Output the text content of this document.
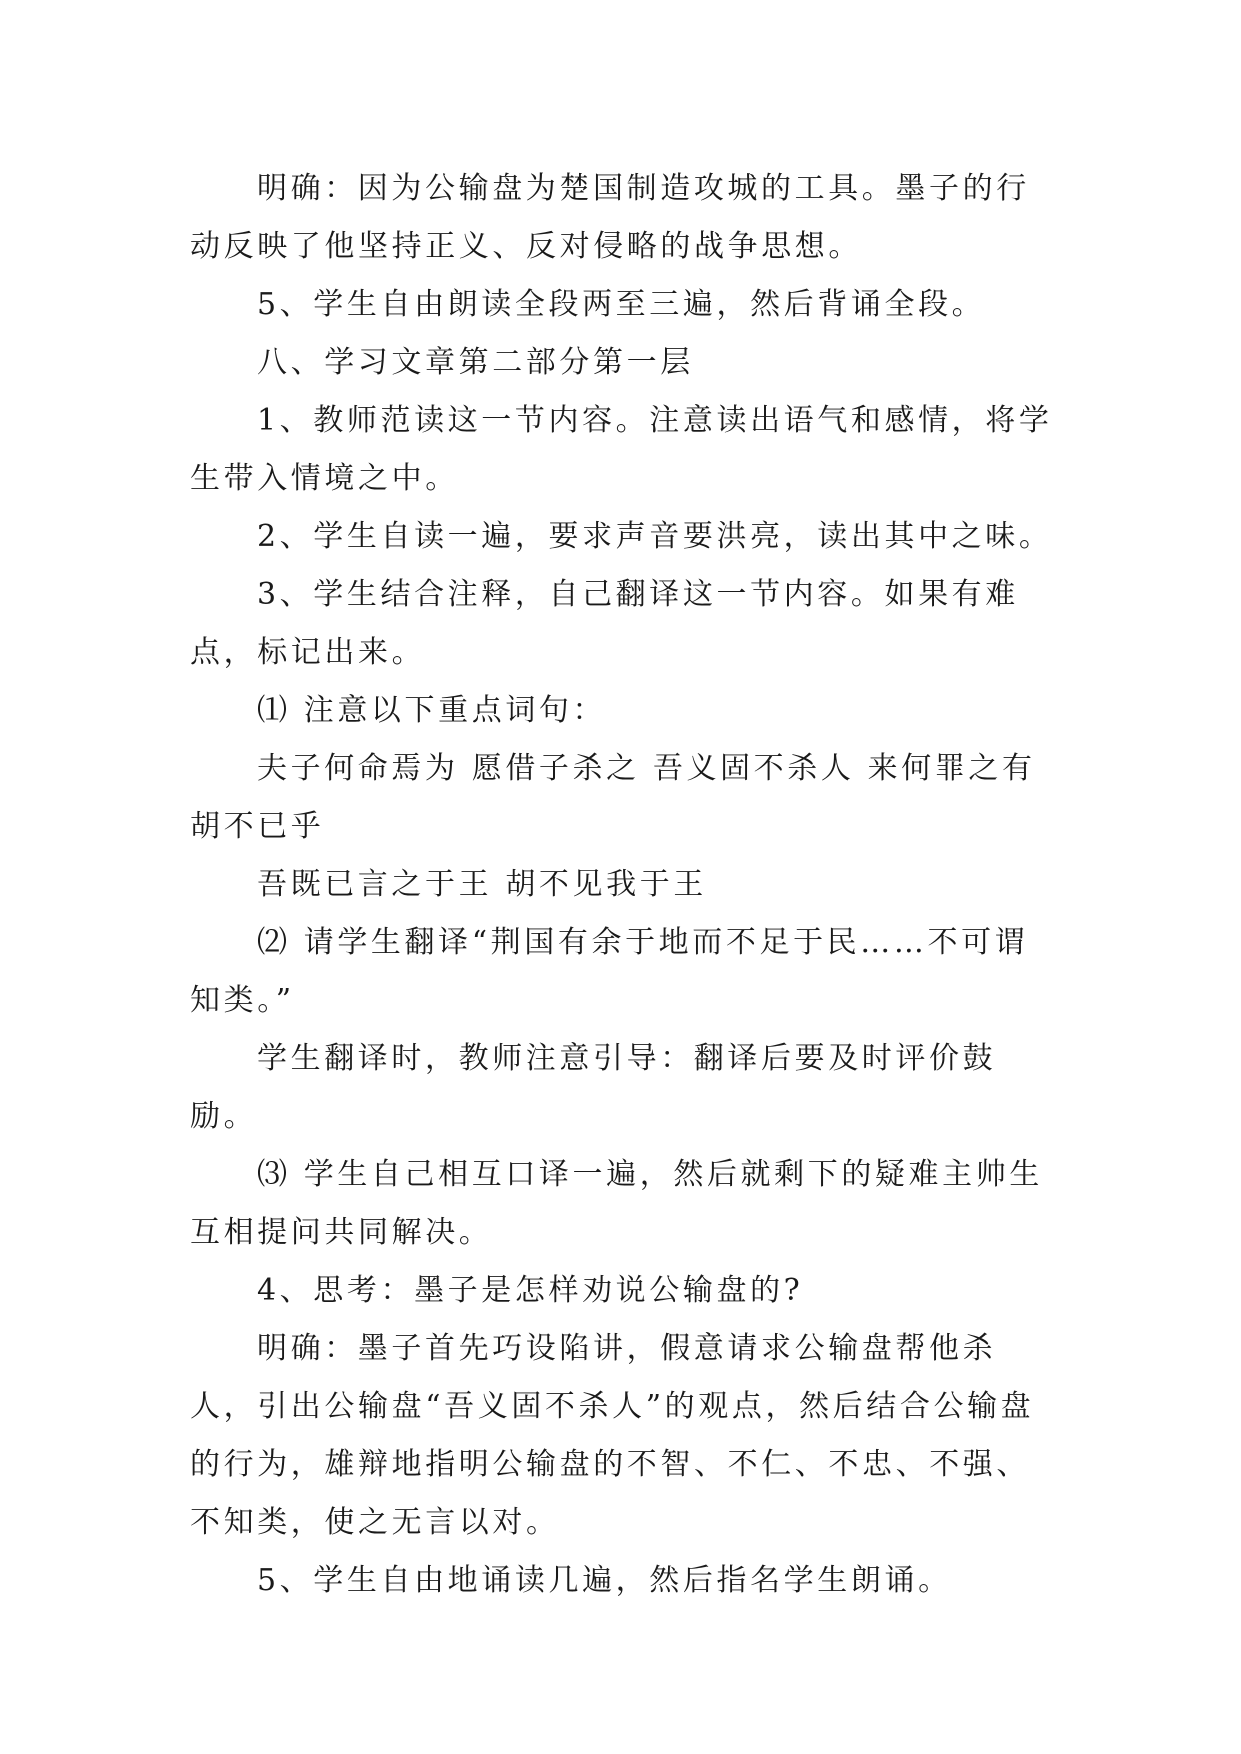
明确：因为公输盘为楚国制造攻城的工具。墨子的行动反映了他坚持正义、反对侵略的战争思想。

5、学生自由朗读全段两至三遍，然后背诵全段。

八、学习文章第二部分第一层

1、教师范读这一节内容。注意读出语气和感情，将学生带入情境之中。

2、学生自读一遍，要求声音要洪亮，读出其中之味。

3、学生结合注释，自己翻译这一节内容。如果有难点，标记出来。

⑴ 注意以下重点词句：

夫子何命焉为 愿借子杀之 吾义固不杀人 来何罪之有 胡不已乎

吾既已言之于王 胡不见我于王

⑵ 请学生翻译“荆国有余于地而不足于民……不可谓知类。”

学生翻译时，教师注意引导：翻译后要及时评价鼓励。

⑶ 学生自己相互口译一遍，然后就剩下的疑难主帅生互相提问共同解决。

4、思考：墨子是怎样劝说公输盘的?

明确：墨子首先巧设陷讲，假意请求公输盘帮他杀人，引出公输盘“吾义固不杀人”的观点，然后结合公输盘的行为，雄辩地指明公输盘的不智、不仁、不忠、不强、不知类，使之无言以对。

5、学生自由地诵读几遍，然后指名学生朗诵。
